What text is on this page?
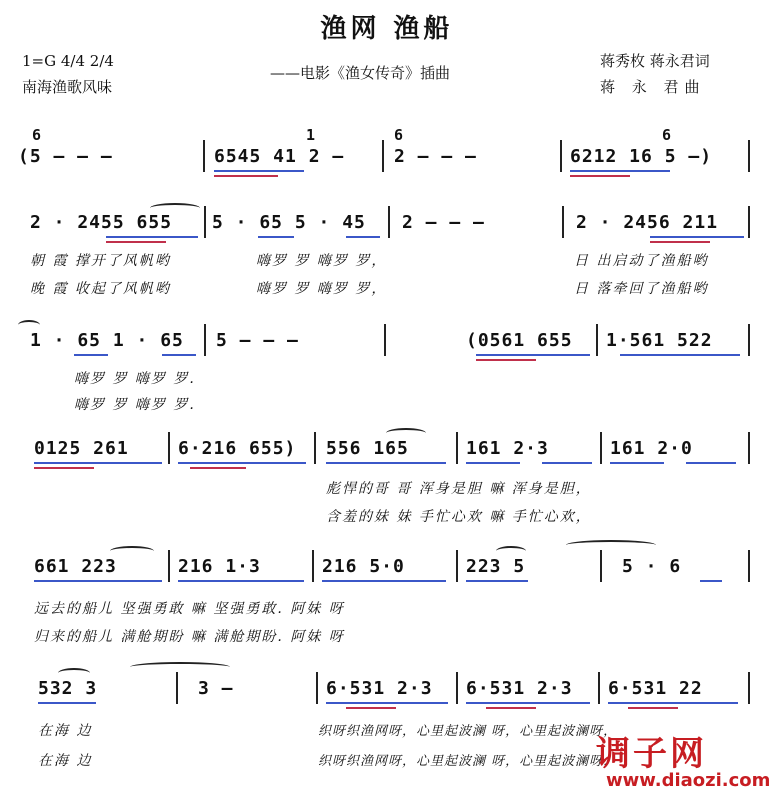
渔网 渔船
1=G 4/4 2/4
南海渔歌风味
——电影《渔女传奇》插曲
蒋秀枚 蒋永君词
蒋 永 君曲
6	1	6	6
(5 — — —	6545 41 2 —	2 — — —	6212 16 5 —)
2 · 2455 655 5 · 65 5 · 45 2 — — —	2 · 2456 211
朝 霞 撑开了风帆哟	嗨罗 罗 嗨罗 罗，	日 出启动了渔船哟
晚 霞 收起了风帆哟	嗨罗 罗 嗨罗 罗，	日 落牵回了渔船哟
1 · 65 1 · 65 5 — — —	(0561 655 1·561 522
嗨罗 罗 嗨罗 罗.
嗨罗 罗 嗨罗 罗.
0125 261	6·216 655) 556 165	161 2·3	161 2·0
彪悍的哥 哥 浑身是胆 嘛 浑身是胆，
含羞的妹 妹 手忙心欢 嘛 手忙心欢，
661 223	216 1·3	216 5·0	223 5	5 · 6
远去的船儿 坚强勇敢 嘛 坚强勇敢. 阿妹 呀
归来的船儿 满舱期盼 嘛 满舱期盼. 阿妹 呀
532 3	3 —	6·531 2·3 6·531 2·3 6·531 22
在海 边	织呀织渔网呀，心里起波澜 呀，心里起波澜呀，
在海 边	织呀织渔网呀，心里起波澜 呀，心里起波澜呀，
调子网
www.diaozi.com
